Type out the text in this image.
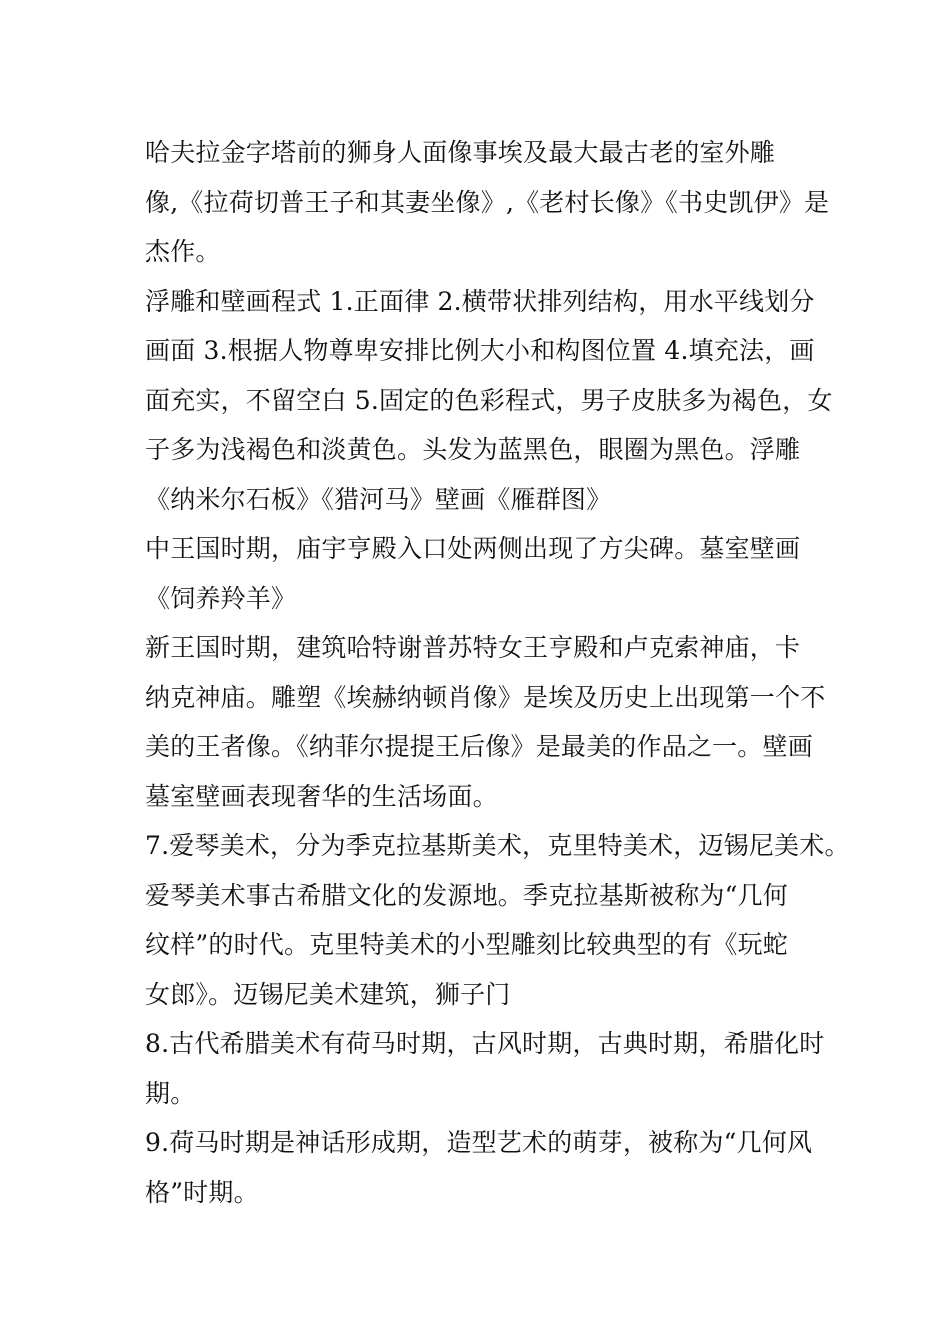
哈夫拉金字塔前的狮身人面像事埃及最大最古老的室外雕
像,《拉荷切普王子和其妻坐像》,《老村长像》《书史凯伊》是
杰作。
浮雕和壁画程式 1.正面律 2.横带状排列结构，用水平线划分
画面 3.根据人物尊卑安排比例大小和构图位置 4.填充法，画
面充实，不留空白 5.固定的色彩程式，男子皮肤多为褐色，女
子多为浅褐色和淡黄色。头发为蓝黑色，眼圈为黑色。浮雕
《纳米尔石板》《猎河马》壁画《雁群图》
中王国时期，庙宇亨殿入口处两侧出现了方尖碑。墓室壁画
《饲养羚羊》
新王国时期，建筑哈特谢普苏特女王亨殿和卢克索神庙，卡
纳克神庙。雕塑《埃赫纳顿肖像》是埃及历史上出现第一个不
美的王者像。《纳菲尔提提王后像》是最美的作品之一。壁画
墓室壁画表现奢华的生活场面。
7.爱琴美术，分为季克拉基斯美术，克里特美术，迈锡尼美术。
爱琴美术事古希腊文化的发源地。季克拉基斯被称为“几何
纹样”的时代。克里特美术的小型雕刻比较典型的有《玩蛇
女郎》。迈锡尼美术建筑，狮子门
8.古代希腊美术有荷马时期，古风时期，古典时期，希腊化时
期。
9.荷马时期是神话形成期，造型艺术的萌芽，被称为“几何风
格”时期。
